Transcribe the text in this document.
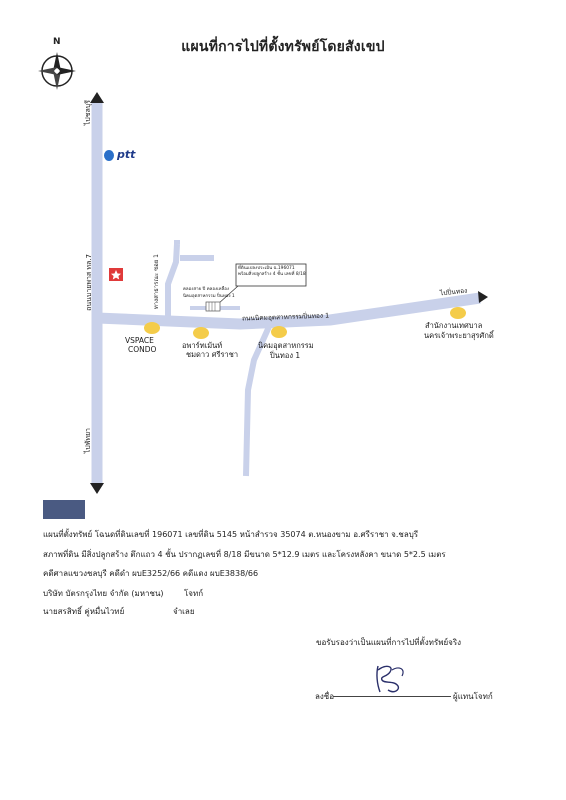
แผนที่การไปที่ตั้งทรัพย์โดยสังเขป
N
ptt
ไปชลบุรี
ไปพัทยา
ถนนบายพาส ทล.7	ทางสาธารณะ ซอย 1
ถนนนิคมอุตสาหกรรมปิ่นทอง 1
ไปปิ่นทอง
ที่ดินแปลงประเมิน ฉ.196071
พร้อมสิ่งปลูกสร้าง 4 ชั้น เลขที่ 8/18
คลองสาย ปี คลองเหลือง
นิคมอุตสาหกรรม ปิ่นทอง 1
VSPACE
CONDO	อพาร์ทเม้นท์
ชมดาว ศรีราชา
นิคมอุตสาหกรรม
ปิ่นทอง 1
สำนักงานเทศบาล
นครเจ้าพระยาสุรศักดิ์
แผนที่ตั้งทรัพย์ โฉนดที่ดินเลขที่ 196071 เลขที่ดิน 5145 หน้าสำรวจ 35074 ต.หนองขาม อ.ศรีราชา จ.ชลบุรี
สภาพที่ดิน มีสิ่งปลูกสร้าง ตึกแถว 4 ชั้น ปรากฏเลขที่ 8/18 มีขนาด 5*12.9 เมตร และโครงหลังคา ขนาด 5*2.5 เมตร
คดีศาลแขวงชลบุรี คดีดำ ผบE3252/66 คดีแดง ผบE3838/66
บริษัท บัตรกรุงไทย จำกัด (มหาชน)	โจทก์
นายสรสิทธิ์ คู่หมื่นไวทย์	จำเลย
ขอรับรองว่าเป็นแผนที่การไปที่ตั้งทรัพย์จริง
ลงชื่อ	ผู้แทนโจทก์
